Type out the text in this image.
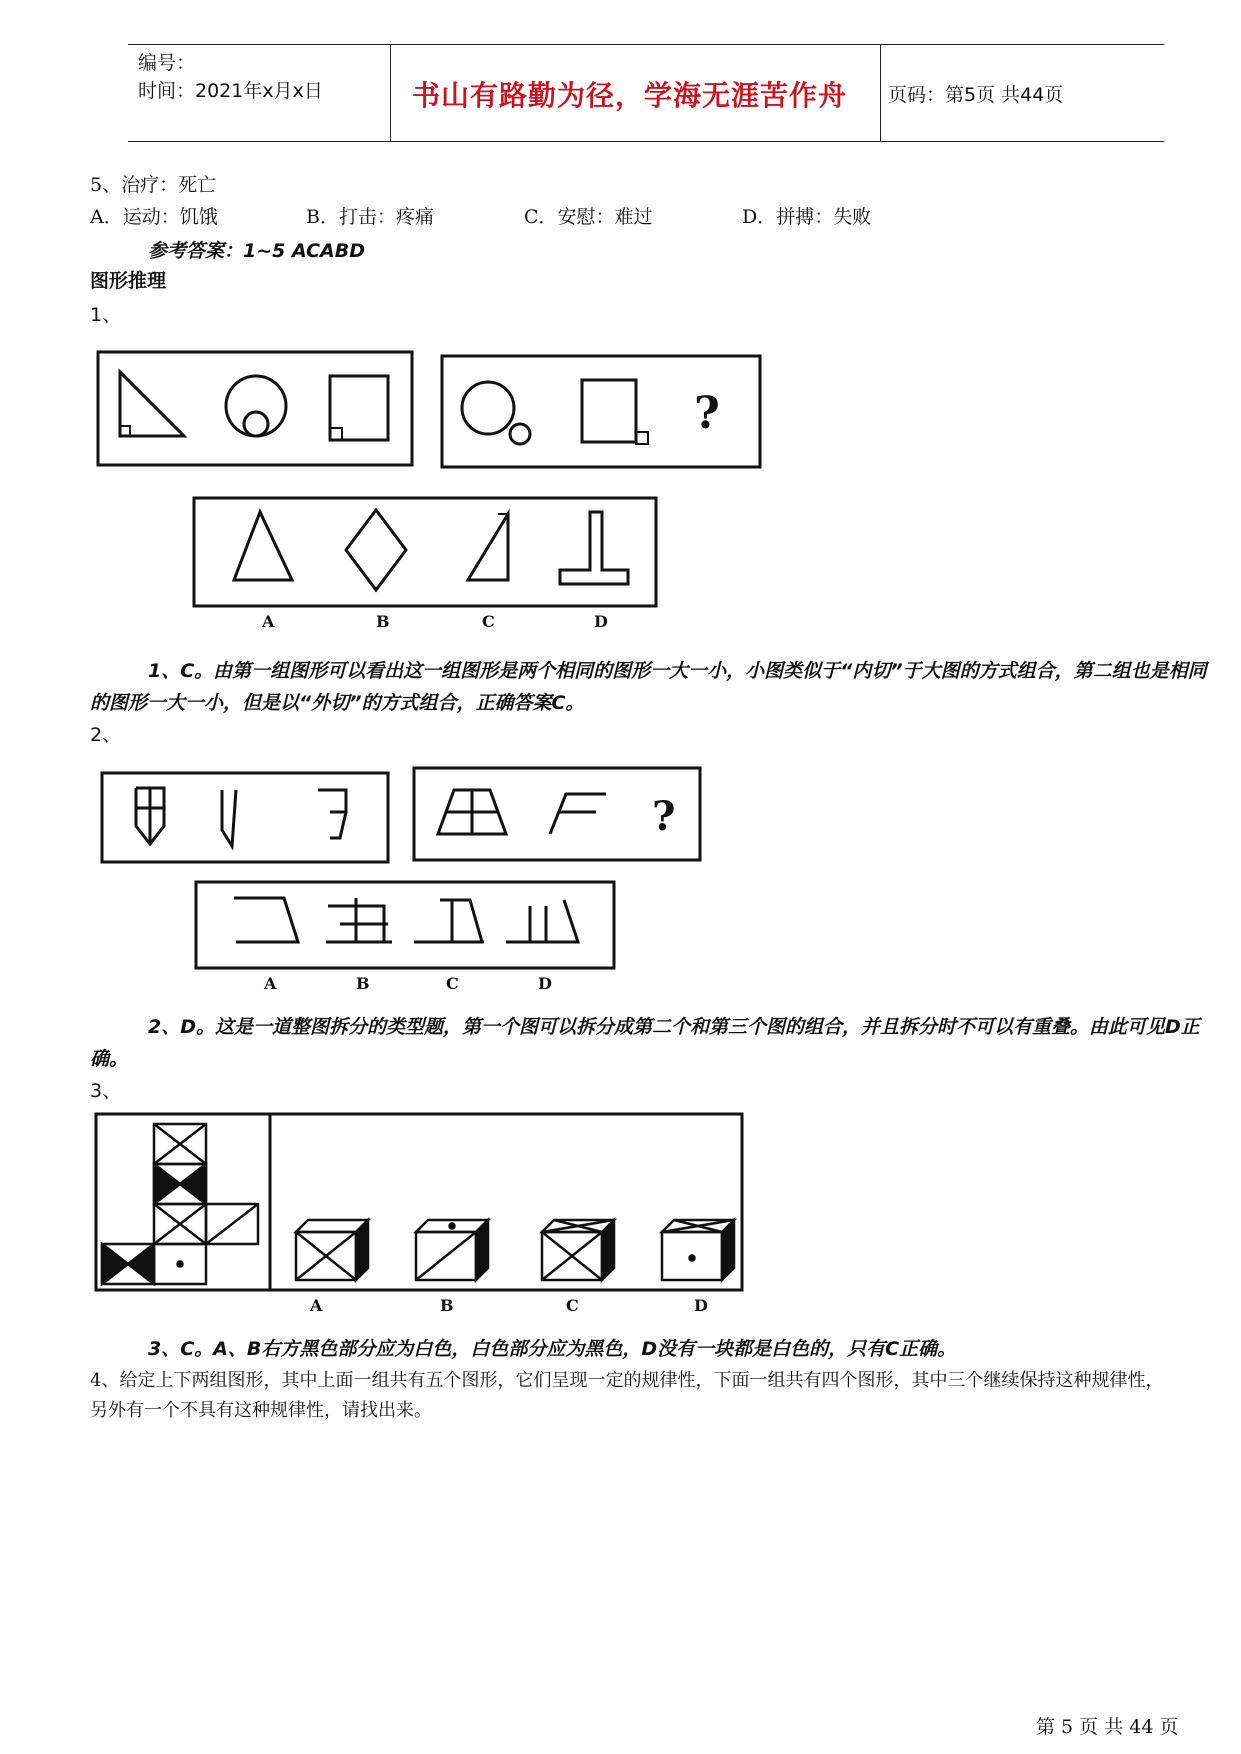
编号：
时间：2021年x月x日	书山有路勤为径，学海无涯苦作舟 页码：第5页 共44页
5、治疗：死亡
A．运动：饥饿	B．打击：疼痛	C．安慰：难过	D．拼搏：失败
参考答案：1~5 ACABD
图形推理
1、
?
A	B	C	D
1、C。由第一组图形可以看出这一组图形是两个相同的图形一大一小，小图类似于“内切”于大图的方式组合，第二组也是相同
的图形一大一小，但是以“外切”的方式组合，正确答案C。
2、
?
A	B	C	D
2、D。这是一道整图拆分的类型题，第一个图可以拆分成第二个和第三个图的组合，并且拆分时不可以有重叠。由此可见D正
确。
3、
A	B	C	D
3、C。A、B右方黑色部分应为白色，白色部分应为黑色，D没有一块都是白色的，只有C正确。
4、给定上下两组图形，其中上面一组共有五个图形，它们呈现一定的规律性，下面一组共有四个图形，其中三个继续保持这种规律性，
另外有一个不具有这种规律性，请找出来。
第 5 页 共 44 页
